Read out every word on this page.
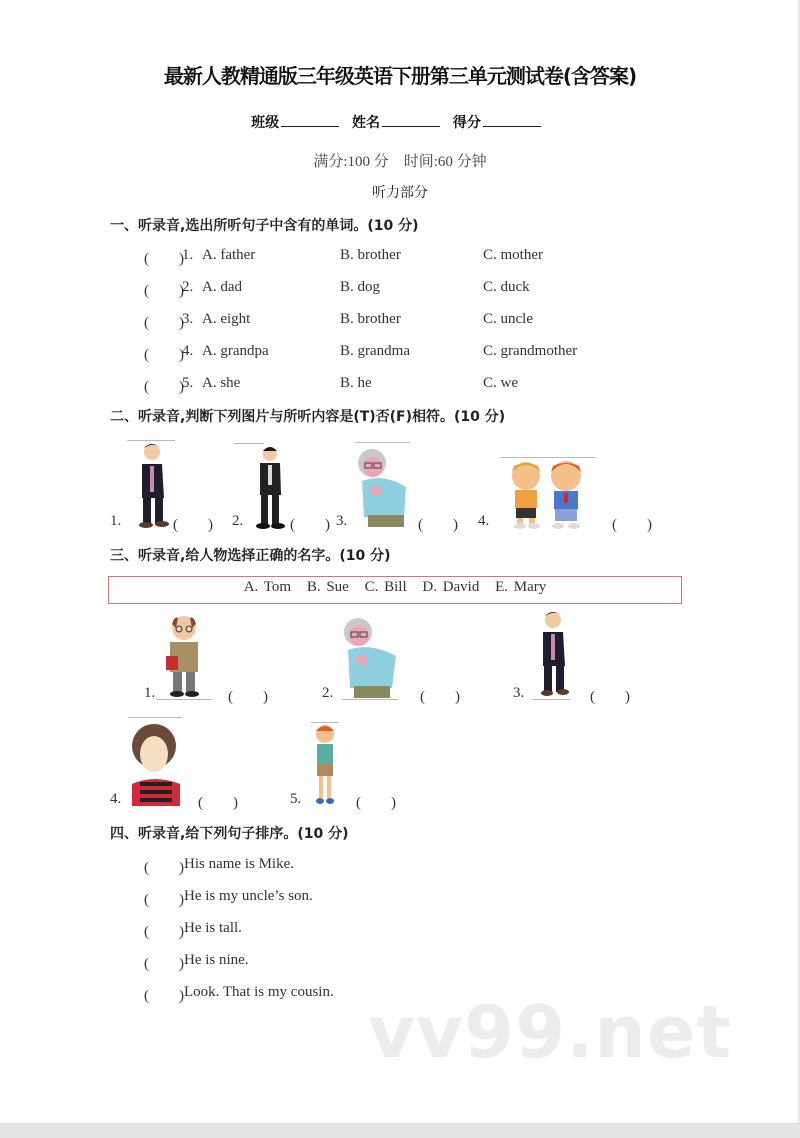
最新人教精通版三年级英语下册第三单元测试卷(含答案)
班级	姓名	得分
满分:100 分　时间:60 分钟
听力部分
一、听录音,选出所听句子中含有的单词。(10 分)
(　　)
1. A. father	B. brother	C. mother
(　　)
2. A. dad	B. dog	C. duck
(　　)
3. A. eight	B. brother	C. uncle
(　　)
4. A. grandpa	B. grandma	C. grandmother
(　　)
5. A. she	B. he	C. we
二、听录音,判断下列图片与所听内容是(T)否(F)相符。(10 分)
1.	(　　) 2.	(　　) 3.	(　　) 4.	(　　)
三、听录音,给人物选择正确的名字。(10 分)
A. Tom B. Sue C. Bill D. David E. Mary
1.	(　　)	2.	(　　)	3.	(　　)
4.	(　　)	5.	(　　)
四、听录音,给下列句子排序。(10 分)
(　　) His name is Mike.
(　　) He is my uncle’s son.
(　　) He is tall.
(　　) He is nine.
(　　) Look. That is my cousin. vv99.net
